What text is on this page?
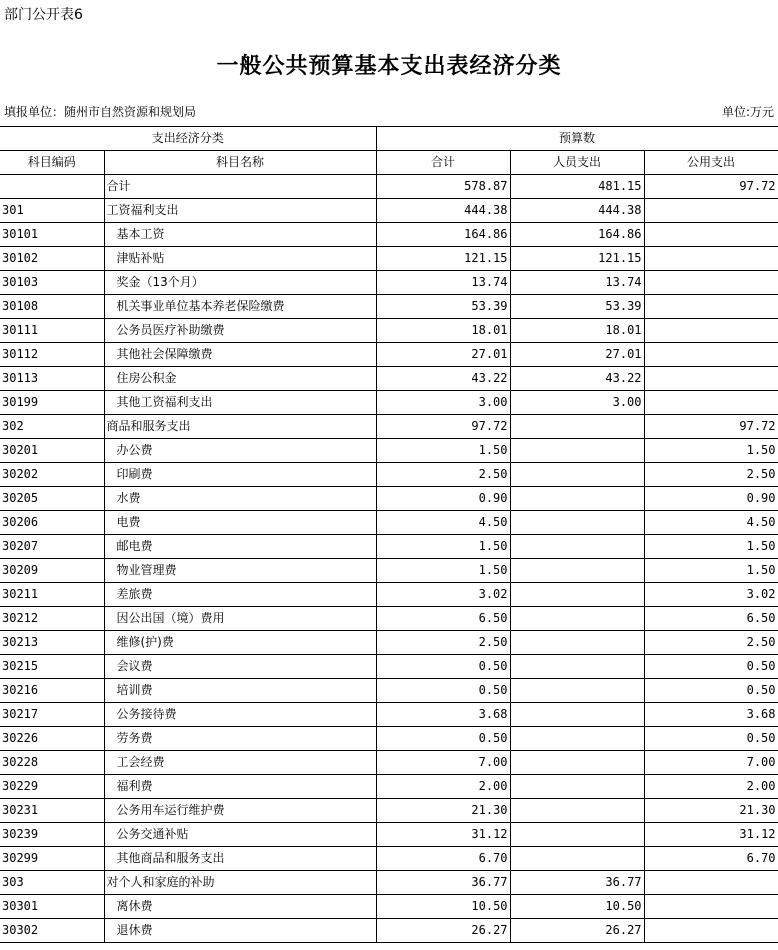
部门公开表6
一般公共预算基本支出表经济分类
填报单位：随州市自然资源和规划局	单位:万元
支出经济分类		预算数		
科目编码	科目名称	合计	人员支出	公用支出
	合计	578.87	481.15	97.72
301	工资福利支出	444.38	444.38	
30101	基本工资	164.86	164.86	
30102	津贴补贴	121.15	121.15	
30103	奖金（13个月）	13.74	13.74	
30108	机关事业单位基本养老保险缴费	53.39	53.39	
30111	公务员医疗补助缴费	18.01	18.01	
30112	其他社会保障缴费	27.01	27.01	
30113	住房公积金	43.22	43.22	
30199	其他工资福利支出	3.00	3.00	
302	商品和服务支出	97.72		97.72
30201	办公费	1.50		1.50
30202	印刷费	2.50		2.50
30205	水费	0.90		0.90
30206	电费	4.50		4.50
30207	邮电费	1.50		1.50
30209	物业管理费	1.50		1.50
30211	差旅费	3.02		3.02
30212	因公出国（境）费用	6.50		6.50
30213	维修(护)费	2.50		2.50
30215	会议费	0.50		0.50
30216	培训费	0.50		0.50
30217	公务接待费	3.68		3.68
30226	劳务费	0.50		0.50
30228	工会经费	7.00		7.00
30229	福利费	2.00		2.00
30231	公务用车运行维护费	21.30		21.30
30239	公务交通补贴	31.12		31.12
30299	其他商品和服务支出	6.70		6.70
303	对个人和家庭的补助	36.77	36.77	
30301	离休费	10.50	10.50	
30302	退休费	26.27	26.27	
